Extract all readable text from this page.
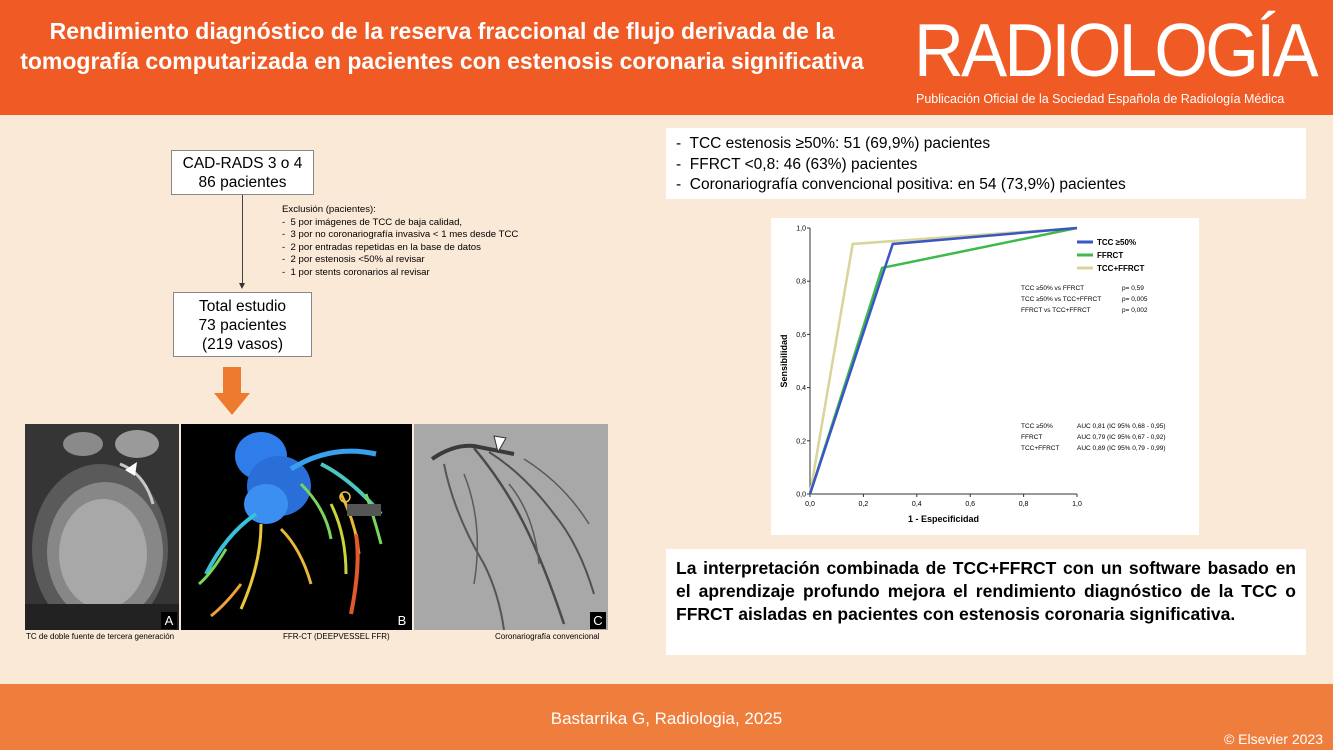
Rendimiento diagnóstico de la reserva fraccional de flujo derivada de la tomografía computarizada en pacientes con estenosis coronaria significativa RADIOLOGÍA
Publicación Oficial de la Sociedad Española de Radiología Médica
CAD-RADS 3 o 4
86 pacientes
Exclusión (pacientes):
-  5 por imágenes de TCC de baja calidad,
-  3 por no coronariografía invasiva < 1 mes desde TCC
-  2 por entradas repetidas en la base de datos
-  2 por estenosis <50% al revisar
-  1 por stents coronarios al revisar
Total estudio
73 pacientes
(219 vasos)
A	B	C
TC de doble fuente de tercera generación	FFR-CT (DEEPVESSEL FFR)	Coronariografía convencional
-  TCC estenosis ≥50%: 51 (69,9%) pacientes
-  FFRCT <0,8: 46 (63%) pacientes
-  Coronariografía convencional positiva: en 54 (73,9%) pacientes
0,0
0,0
0,2
0,2
0,4
0,4
0,6
0,6
0,8
0,8
1,0
1,0
1 - Especificidad
Sensibilidad
TCC ≥50%
FFRCT
TCC+FFRCT
TCC ≥50% vs FFRCT	p= 0,59
TCC ≥50% vs TCC+FFRCT	p= 0,005
FFRCT vs TCC+FFRCT	p= 0,002
TCC ≥50%	AUC 0,81 (IC 95% 0,68 - 0,95)
FFRCT	AUC 0,79 (IC 95% 0,67 - 0,92)
TCC+FFRCT	AUC 0,89 (IC 95% 0,79 - 0,99)
La interpretación combinada de TCC+FFRCT con un software basado en el aprendizaje profundo mejora el rendimiento diagnóstico de la TCC o FFRCT aisladas en pacientes con estenosis coronaria significativa.
Bastarrika G, Radiologia, 2025
© Elsevier 2023
